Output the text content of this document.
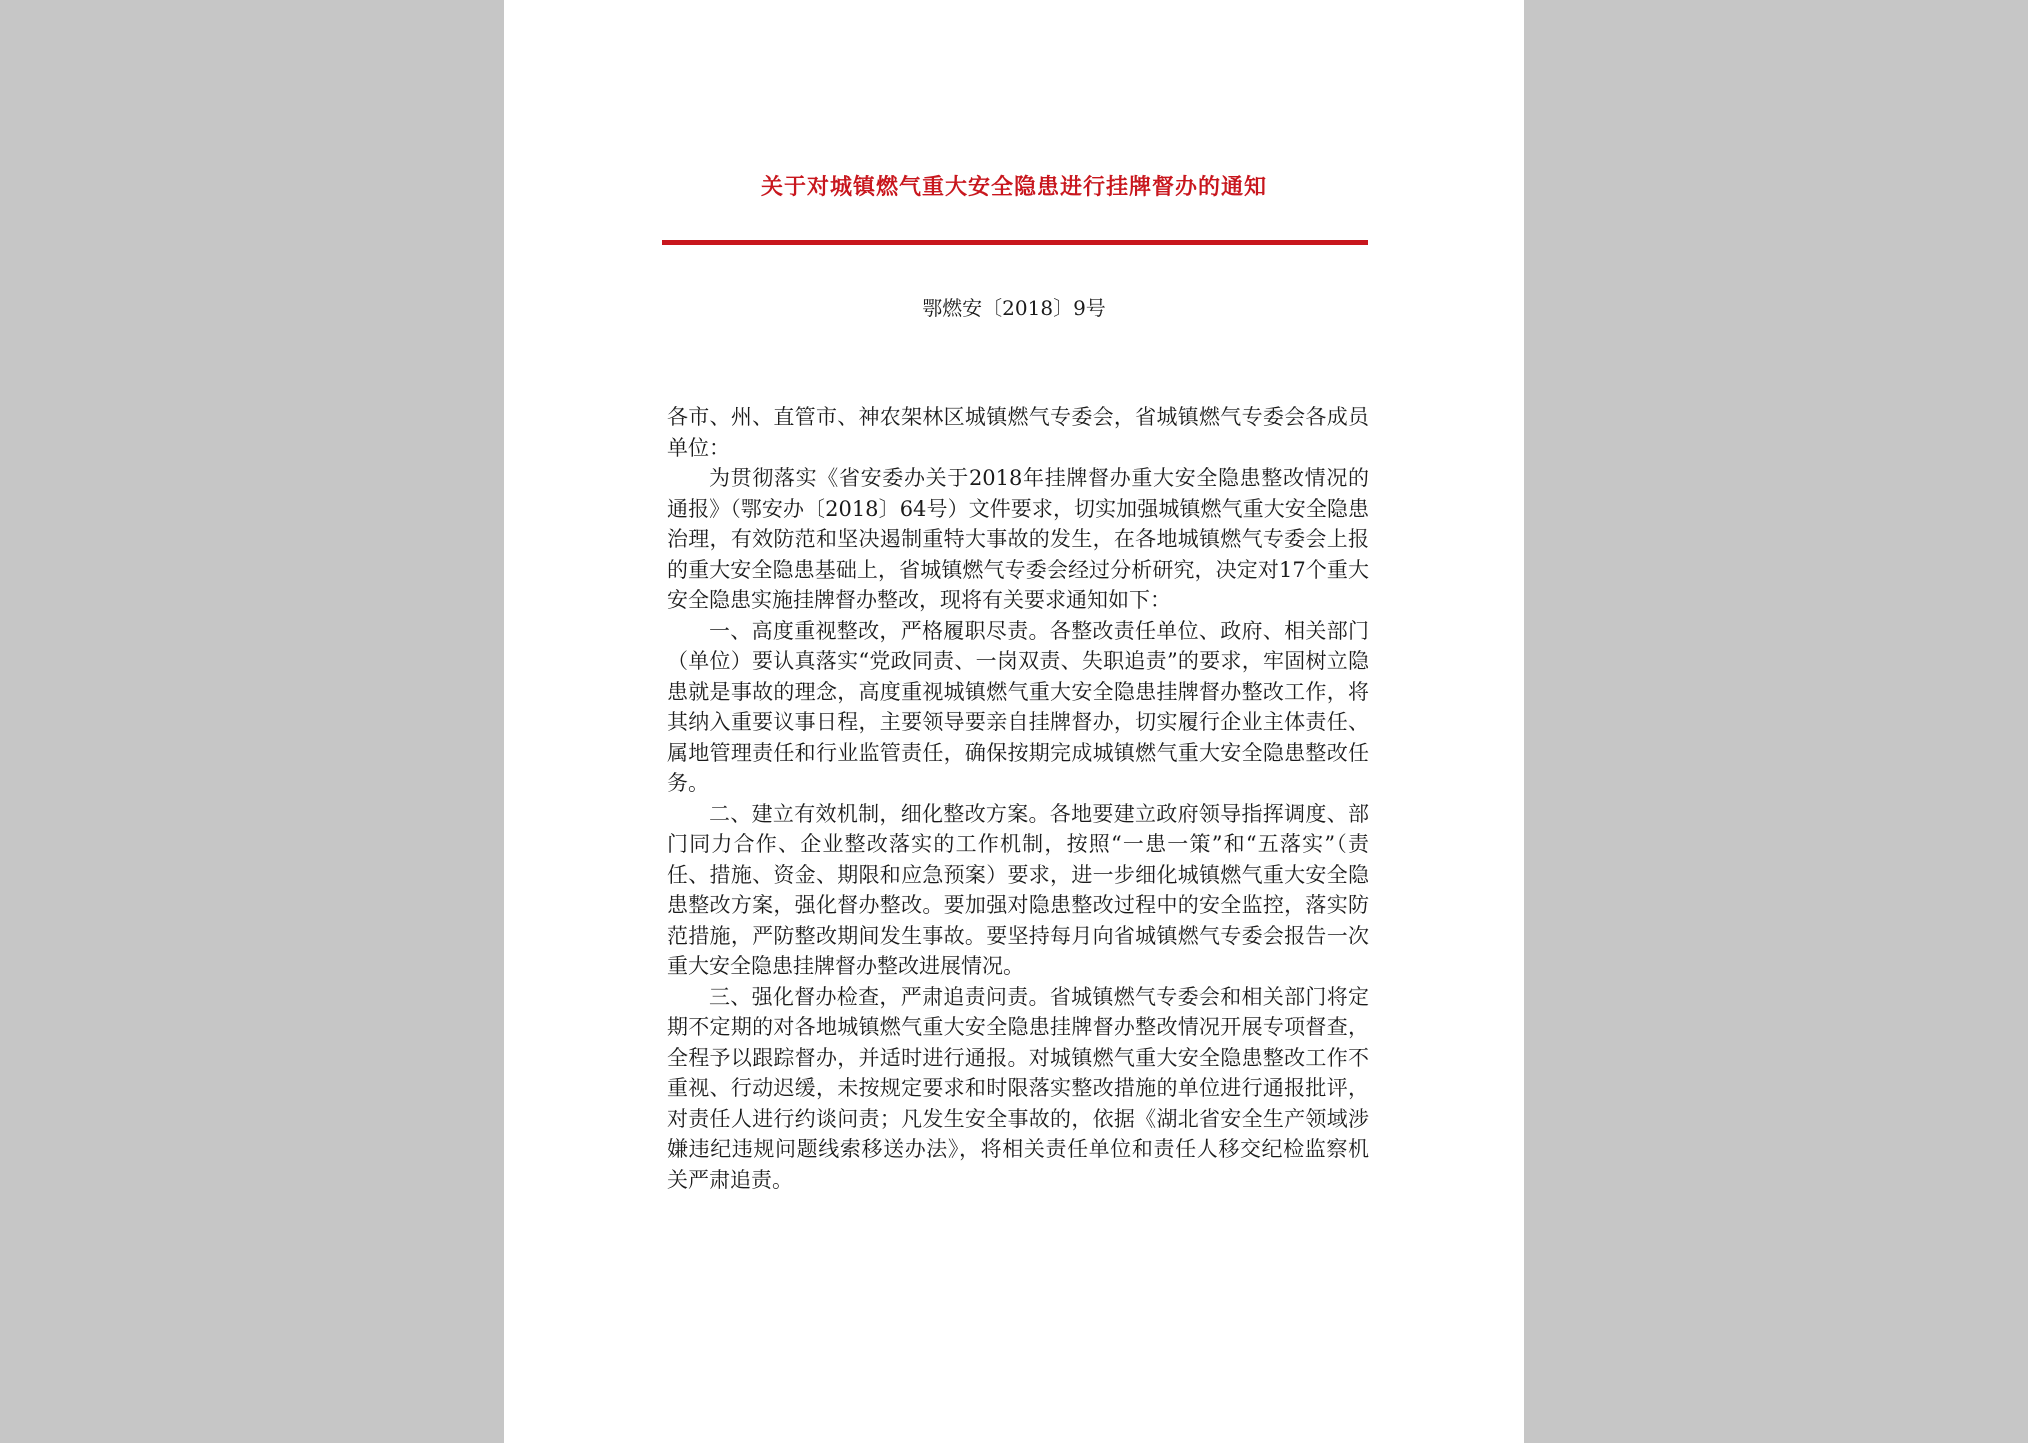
关于对城镇燃气重大安全隐患进行挂牌督办的通知
鄂燃安〔2018〕9号

各市、州、直管市、神农架林区城镇燃气专委会，省城镇燃气专委会各成员单位：

为贯彻落实《省安委办关于2018年挂牌督办重大安全隐患整改情况的通报》（鄂安办〔2018〕64号）文件要求，切实加强城镇燃气重大安全隐患治理，有效防范和坚决遏制重特大事故的发生，在各地城镇燃气专委会上报的重大安全隐患基础上，省城镇燃气专委会经过分析研究，决定对17个重大安全隐患实施挂牌督办整改，现将有关要求通知如下：

一、高度重视整改，严格履职尽责。各整改责任单位、政府、相关部门（单位）要认真落实“党政同责、一岗双责、失职追责”的要求，牢固树立隐患就是事故的理念，高度重视城镇燃气重大安全隐患挂牌督办整改工作，将其纳入重要议事日程，主要领导要亲自挂牌督办，切实履行企业主体责任、属地管理责任和行业监管责任，确保按期完成城镇燃气重大安全隐患整改任务。

二、建立有效机制，细化整改方案。各地要建立政府领导指挥调度、部门同力合作、企业整改落实的工作机制，按照“一患一策”和“五落实”（责任、措施、资金、期限和应急预案）要求，进一步细化城镇燃气重大安全隐患整改方案，强化督办整改。要加强对隐患整改过程中的安全监控，落实防范措施，严防整改期间发生事故。要坚持每月向省城镇燃气专委会报告一次重大安全隐患挂牌督办整改进展情况。

三、强化督办检查，严肃追责问责。省城镇燃气专委会和相关部门将定期不定期的对各地城镇燃气重大安全隐患挂牌督办整改情况开展专项督查，全程予以跟踪督办，并适时进行通报。对城镇燃气重大安全隐患整改工作不重视、行动迟缓，未按规定要求和时限落实整改措施的单位进行通报批评，对责任人进行约谈问责；凡发生安全事故的，依据《湖北省安全生产领域涉嫌违纪违规问题线索移送办法》，将相关责任单位和责任人移交纪检监察机关严肃追责。
